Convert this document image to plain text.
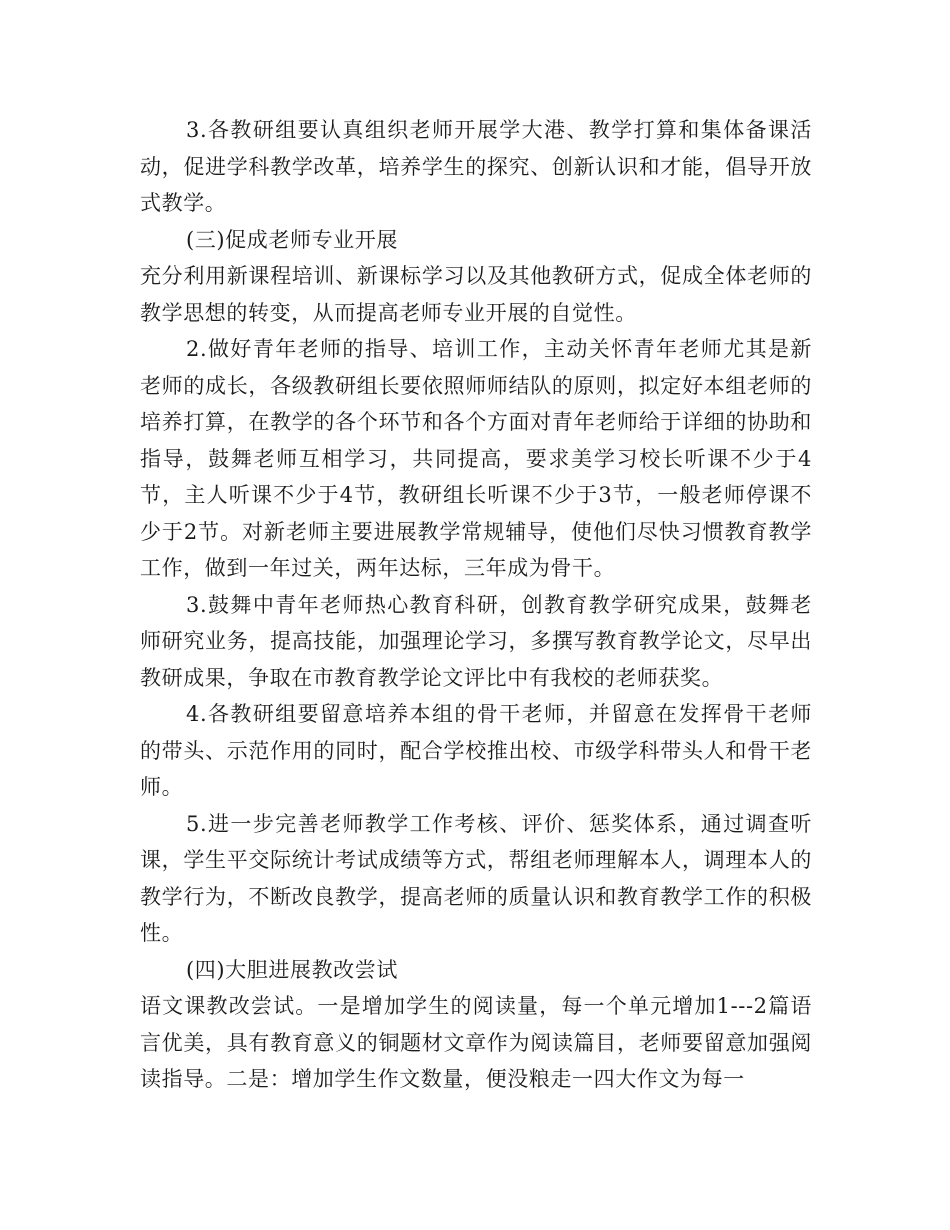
3.各教研组要认真组织老师开展学大港、教学打算和集体备课活动，促进学科教学改革，培养学生的探究、创新认识和才能，倡导开放式教学。

(三)促成老师专业开展

充分利用新课程培训、新课标学习以及其他教研方式，促成全体老师的教学思想的转变，从而提高老师专业开展的自觉性。

2.做好青年老师的指导、培训工作，主动关怀青年老师尤其是新老师的成长，各级教研组长要依照师师结队的原则，拟定好本组老师的培养打算，在教学的各个环节和各个方面对青年老师给于详细的协助和指导，鼓舞老师互相学习，共同提高，要求美学习校长听课不少于4节，主人听课不少于4节，教研组长听课不少于3节，一般老师停课不少于2节。对新老师主要进展教学常规辅导，使他们尽快习惯教育教学工作，做到一年过关，两年达标，三年成为骨干。

3.鼓舞中青年老师热心教育科研，创教育教学研究成果，鼓舞老师研究业务，提高技能，加强理论学习，多撰写教育教学论文，尽早出教研成果，争取在市教育教学论文评比中有我校的老师获奖。

4.各教研组要留意培养本组的骨干老师，并留意在发挥骨干老师的带头、示范作用的同时，配合学校推出校、市级学科带头人和骨干老师。

5.进一步完善老师教学工作考核、评价、惩奖体系，通过调查听课，学生平交际统计考试成绩等方式，帮组老师理解本人，调理本人的教学行为，不断改良教学，提高老师的质量认识和教育教学工作的积极性。

(四)大胆进展教改尝试

语文课教改尝试。一是增加学生的阅读量，每一个单元增加1---2篇语言优美，具有教育意义的铜题材文章作为阅读篇目，老师要留意加强阅读指导。二是：增加学生作文数量，便没粮走一四大作文为每一
